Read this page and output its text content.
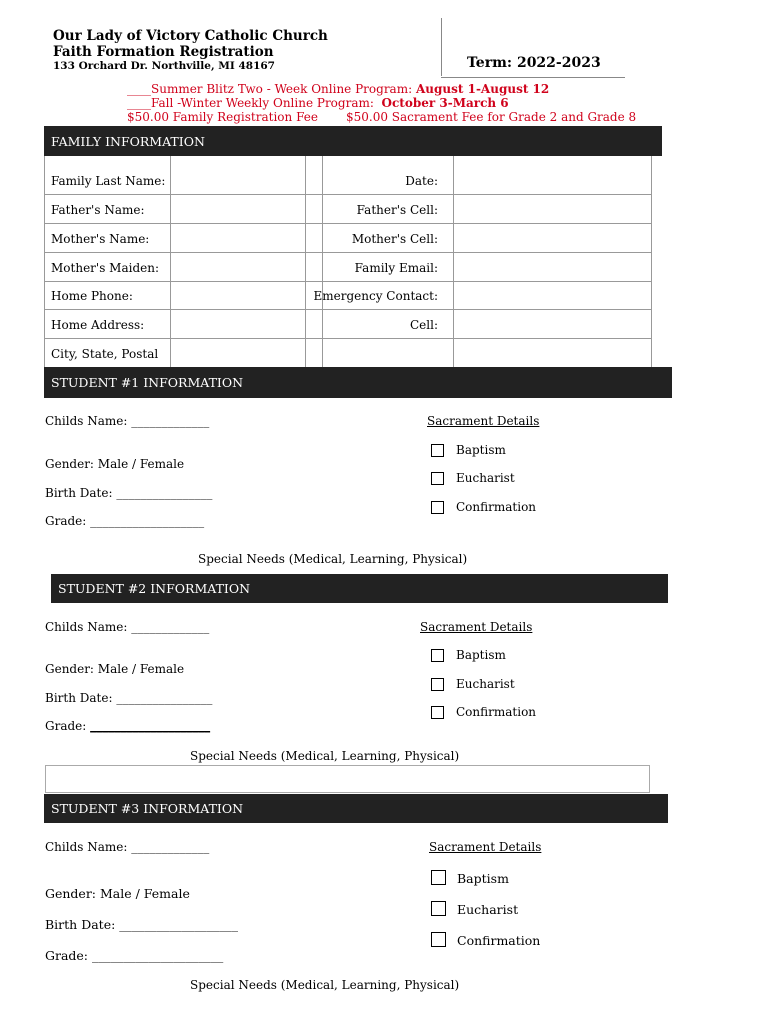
Our Lady of Victory Catholic Church
Faith Formation Registration
133 Orchard Dr. Northville, MI 48167	Term: 2022-2023
____Summer Blitz Two - Week Online Program: August 1-August 12
____Fall -Winter Weekly Online Program: October 3-March 6
$50.00 Family Registration Fee $50.00 Sacrament Fee for Grade 2 and Grade 8
FAMILY INFORMATION
Family Last Name:
Father's Name:
Mother's Name:
Mother's Maiden:
Home Phone:
Home Address:
City, State, Postal
Date:
Father's Cell:
Mother's Cell:
Family Email:
Emergency Contact:
Cell:
STUDENT #1 INFORMATION
Childs Name: _____________
Gender: Male / Female
Birth Date: ________________
Grade: ___________________
Sacrament Details
Baptism
Eucharist
Confirmation
Special Needs (Medical, Learning, Physical)
STUDENT #2 INFORMATION
Childs Name: _____________
Gender: Male / Female
Birth Date: ________________
Grade: ____________________
Sacrament Details
Baptism
Eucharist
Confirmation
Special Needs (Medical, Learning, Physical)
STUDENT #3 INFORMATION
Childs Name: _____________
Gender: Male / Female
Birth Date: ___________________
Grade: _____________________
Sacrament Details
Baptism
Eucharist
Confirmation
Special Needs (Medical, Learning, Physical)
